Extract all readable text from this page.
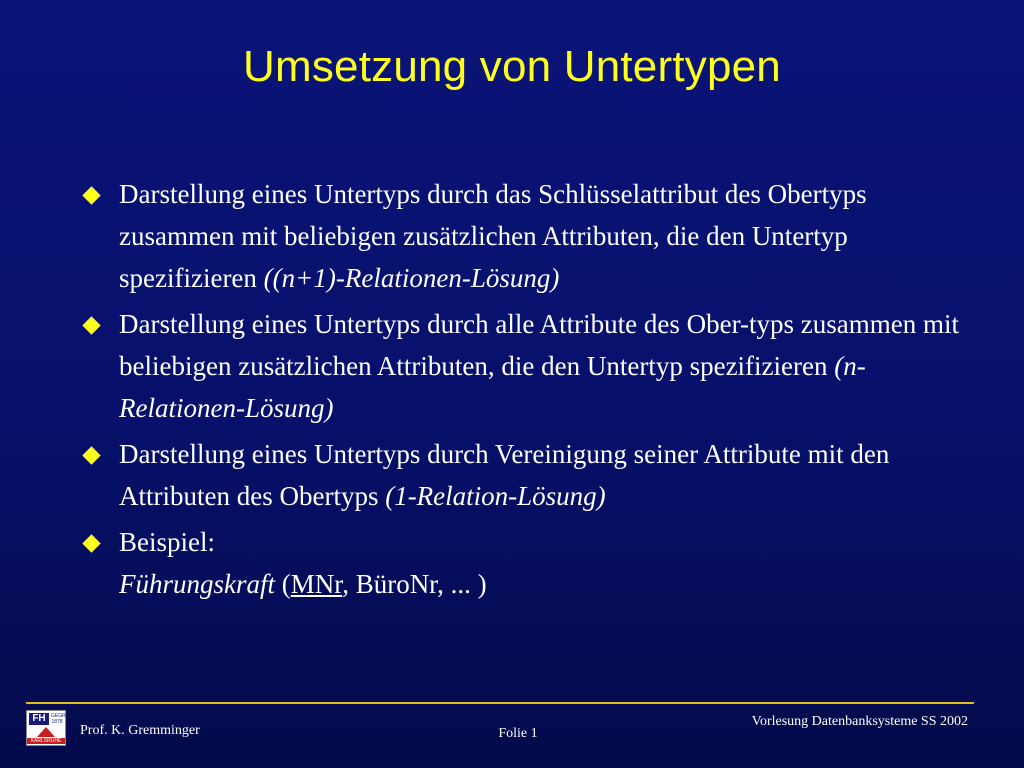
Umsetzung von Untertypen
Darstellung eines Untertyps durch das Schlüsselattribut des Obertyps zusammen mit beliebigen zusätzlichen Attributen, die den Untertyp spezifizieren ((n+1)-Relationen-Lösung)
Darstellung eines Untertyps durch alle Attribute des Ober-typs zusammen mit beliebigen zusätzlichen Attributen, die den Untertyp spezifizieren (n-Relationen-Lösung)
Darstellung eines Untertyps durch Vereinigung seiner Attribute mit den Attributen des Obertyps (1-Relation-Lösung)
Beispiel:
Führungskraft (MNr, BüroNr, ... )
FH	GEGR
1878
KARLSRUHE
Prof. K. Gremminger	Folie 1
Vorlesung Datenbanksysteme SS 2002
